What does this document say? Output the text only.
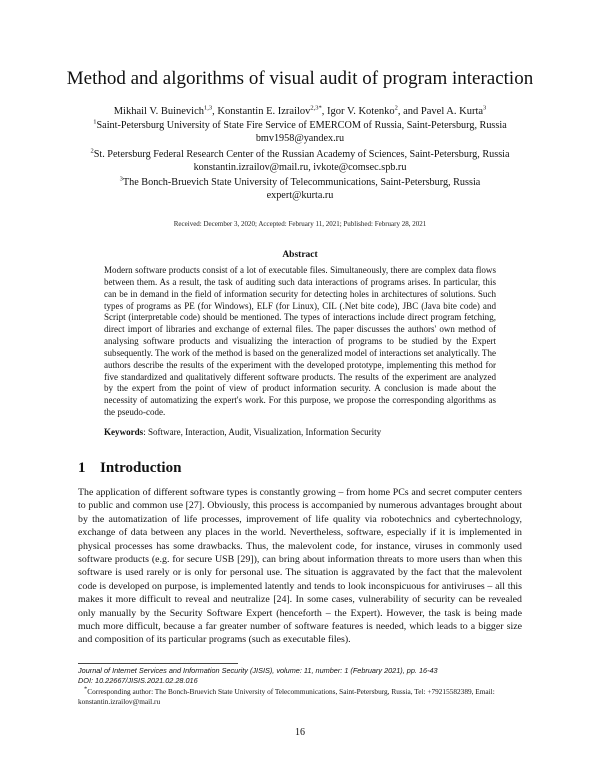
Method and algorithms of visual audit of program interaction
Mikhail V. Buinevich$^{1,3}$, Konstantin E. Izrailov$^{2,3*}$, Igor V. Kotenko$^2$, and Pavel A. Kurta$^3$
$^1$Saint-Petersburg University of State Fire Service of EMERCOM of Russia, Saint-Petersburg, Russia
bmv1958@yandex.ru
$^2$St. Petersburg Federal Research Center of the Russian Academy of Sciences, Saint-Petersburg, Russia
konstantin.izrailov@mail.ru, ivkote@comsec.spb.ru
$^3$The Bonch-Bruevich State University of Telecommunications, Saint-Petersburg, Russia
expert@kurta.ru
Received: December 3, 2020; Accepted: February 11, 2021; Published: February 28, 2021
Abstract

Modern software products consist of a lot of executable files. Simultaneously, there are complex data flows between them. As a result, the task of auditing such data interactions of programs arises. In particular, this can be in demand in the field of information security for detecting holes in architectures of solutions. Such types of programs as PE (for Windows), ELF (for Linux), CIL (.Net bite code), JBC (Java bite code) and Script (interpretable code) should be mentioned. The types of interactions include direct program fetching, direct import of libraries and exchange of external files. The paper discusses the authors' own method of analysing software products and visualizing the interaction of programs to be studied by the Expert subsequently. The work of the method is based on the generalized model of interactions set analytically. The authors describe the results of the experiment with the developed prototype, implementing this method for five standardized and qualitatively different software products. The results of the experiment are analyzed by the expert from the point of view of product information security. A conclusion is made about the necessity of automatizing the expert's work. For this purpose, we propose the corresponding algorithms as the pseudo-code.

Keywords: Software, Interaction, Audit, Visualization, Information Security
1 Introduction

The application of different software types is constantly growing – from home PCs and secret computer centers to public and common use [27]. Obviously, this process is accompanied by numerous advantages brought about by the automatization of life processes, improvement of life quality via robotechnics and cybertechnology, exchange of data between any places in the world. Nevertheless, software, especially if it is implemented in physical processes has some drawbacks. Thus, the malevolent code, for instance, viruses in commonly used software products (e.g. for secure USB [29]), can bring about information threats to more users than when this software is used rarely or is only for personal use. The situation is aggravated by the fact that the malevolent code is developed on purpose, is implemented latently and tends to look inconspicuous for antiviruses – all this makes it more difficult to reveal and neutralize [24]. In some cases, vulnerability of security can be revealed only manually by the Security Software Expert (henceforth – the Expert). However, the task is being made much more difficult, because a far greater number of software features is needed, which leads to a bigger size and composition of its particular programs (such as executable files).

Journal of Internet Services and Information Security (JISIS), volume: 11, number: 1 (February 2021), pp. 16-43
DOI: 10.22667/JISIS.2021.02.28.016
*Corresponding author: The Bonch-Bruevich State University of Telecommunications, Saint-Petersburg, Russia, Tel: +79215582389, Email: konstantin.izrailov@mail.ru
16
